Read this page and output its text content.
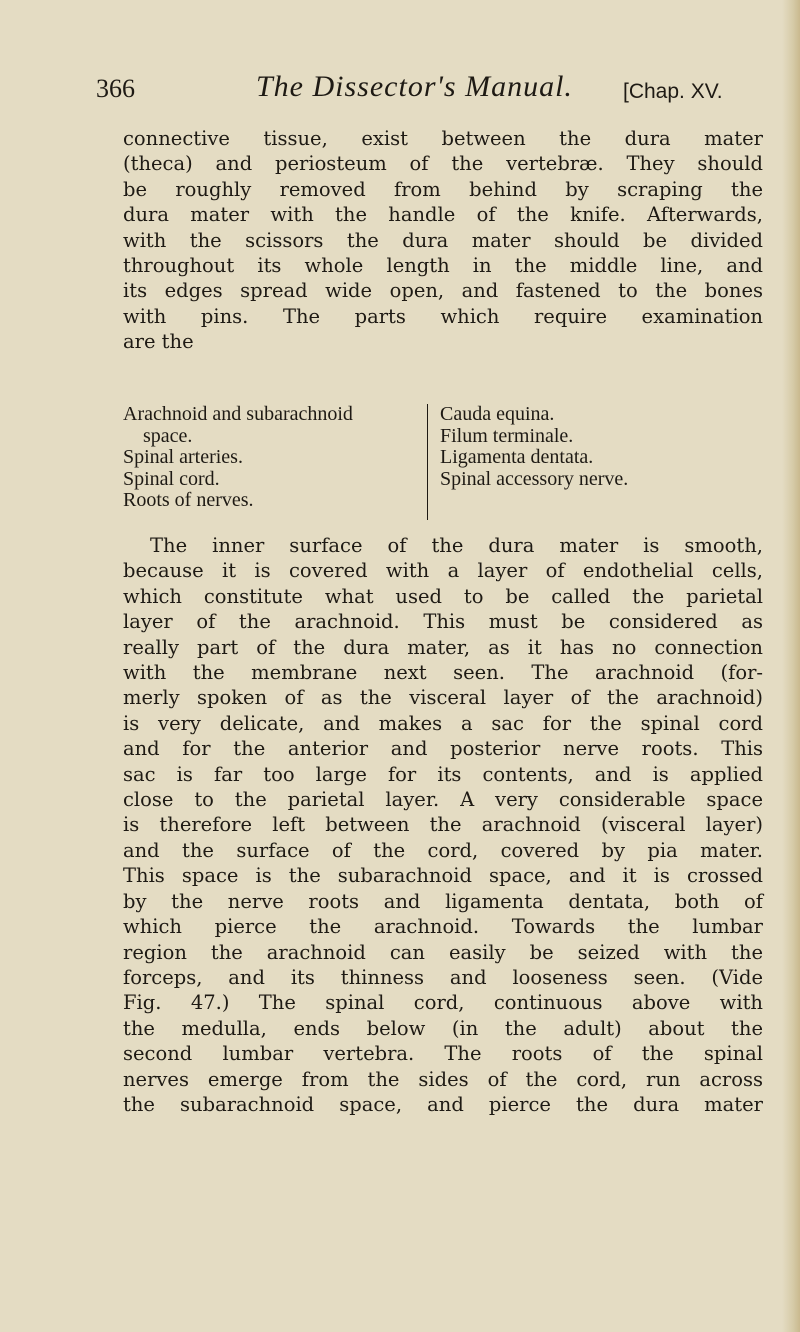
366	The Dissector's Manual. [Chap. XV.

connective tissue, exist between the dura mater
(theca) and periosteum of the vertebræ. They should
be roughly removed from behind by scraping the
dura mater with the handle of the knife. Afterwards,
with the scissors the dura mater should be divided
throughout its whole length in the middle line, and
its edges spread wide open, and fastened to the bones
with pins. The parts which require examination
are the

Arachnoid and subarachnoid
space.
Spinal arteries.
Spinal cord.
Roots of nerves.
Cauda equina.
Filum terminale.
Ligamenta dentata.
Spinal accessory nerve.

The inner surface of the dura mater is smooth,
because it is covered with a layer of endothelial cells,
which constitute what used to be called the parietal
layer of the arachnoid. This must be considered as
really part of the dura mater, as it has no connection
with the membrane next seen. The arachnoid (for-
merly spoken of as the visceral layer of the arachnoid)
is very delicate, and makes a sac for the spinal cord
and for the anterior and posterior nerve roots. This
sac is far too large for its contents, and is applied
close to the parietal layer. A very considerable space
is therefore left between the arachnoid (visceral layer)
and the surface of the cord, covered by pia mater.
This space is the subarachnoid space, and it is crossed
by the nerve roots and ligamenta dentata, both of
which pierce the arachnoid. Towards the lumbar
region the arachnoid can easily be seized with the
forceps, and its thinness and looseness seen. (Vide
Fig. 47.) The spinal cord, continuous above with
the medulla, ends below (in the adult) about the
second lumbar vertebra. The roots of the spinal
nerves emerge from the sides of the cord, run across
the subarachnoid space, and pierce the dura mater
